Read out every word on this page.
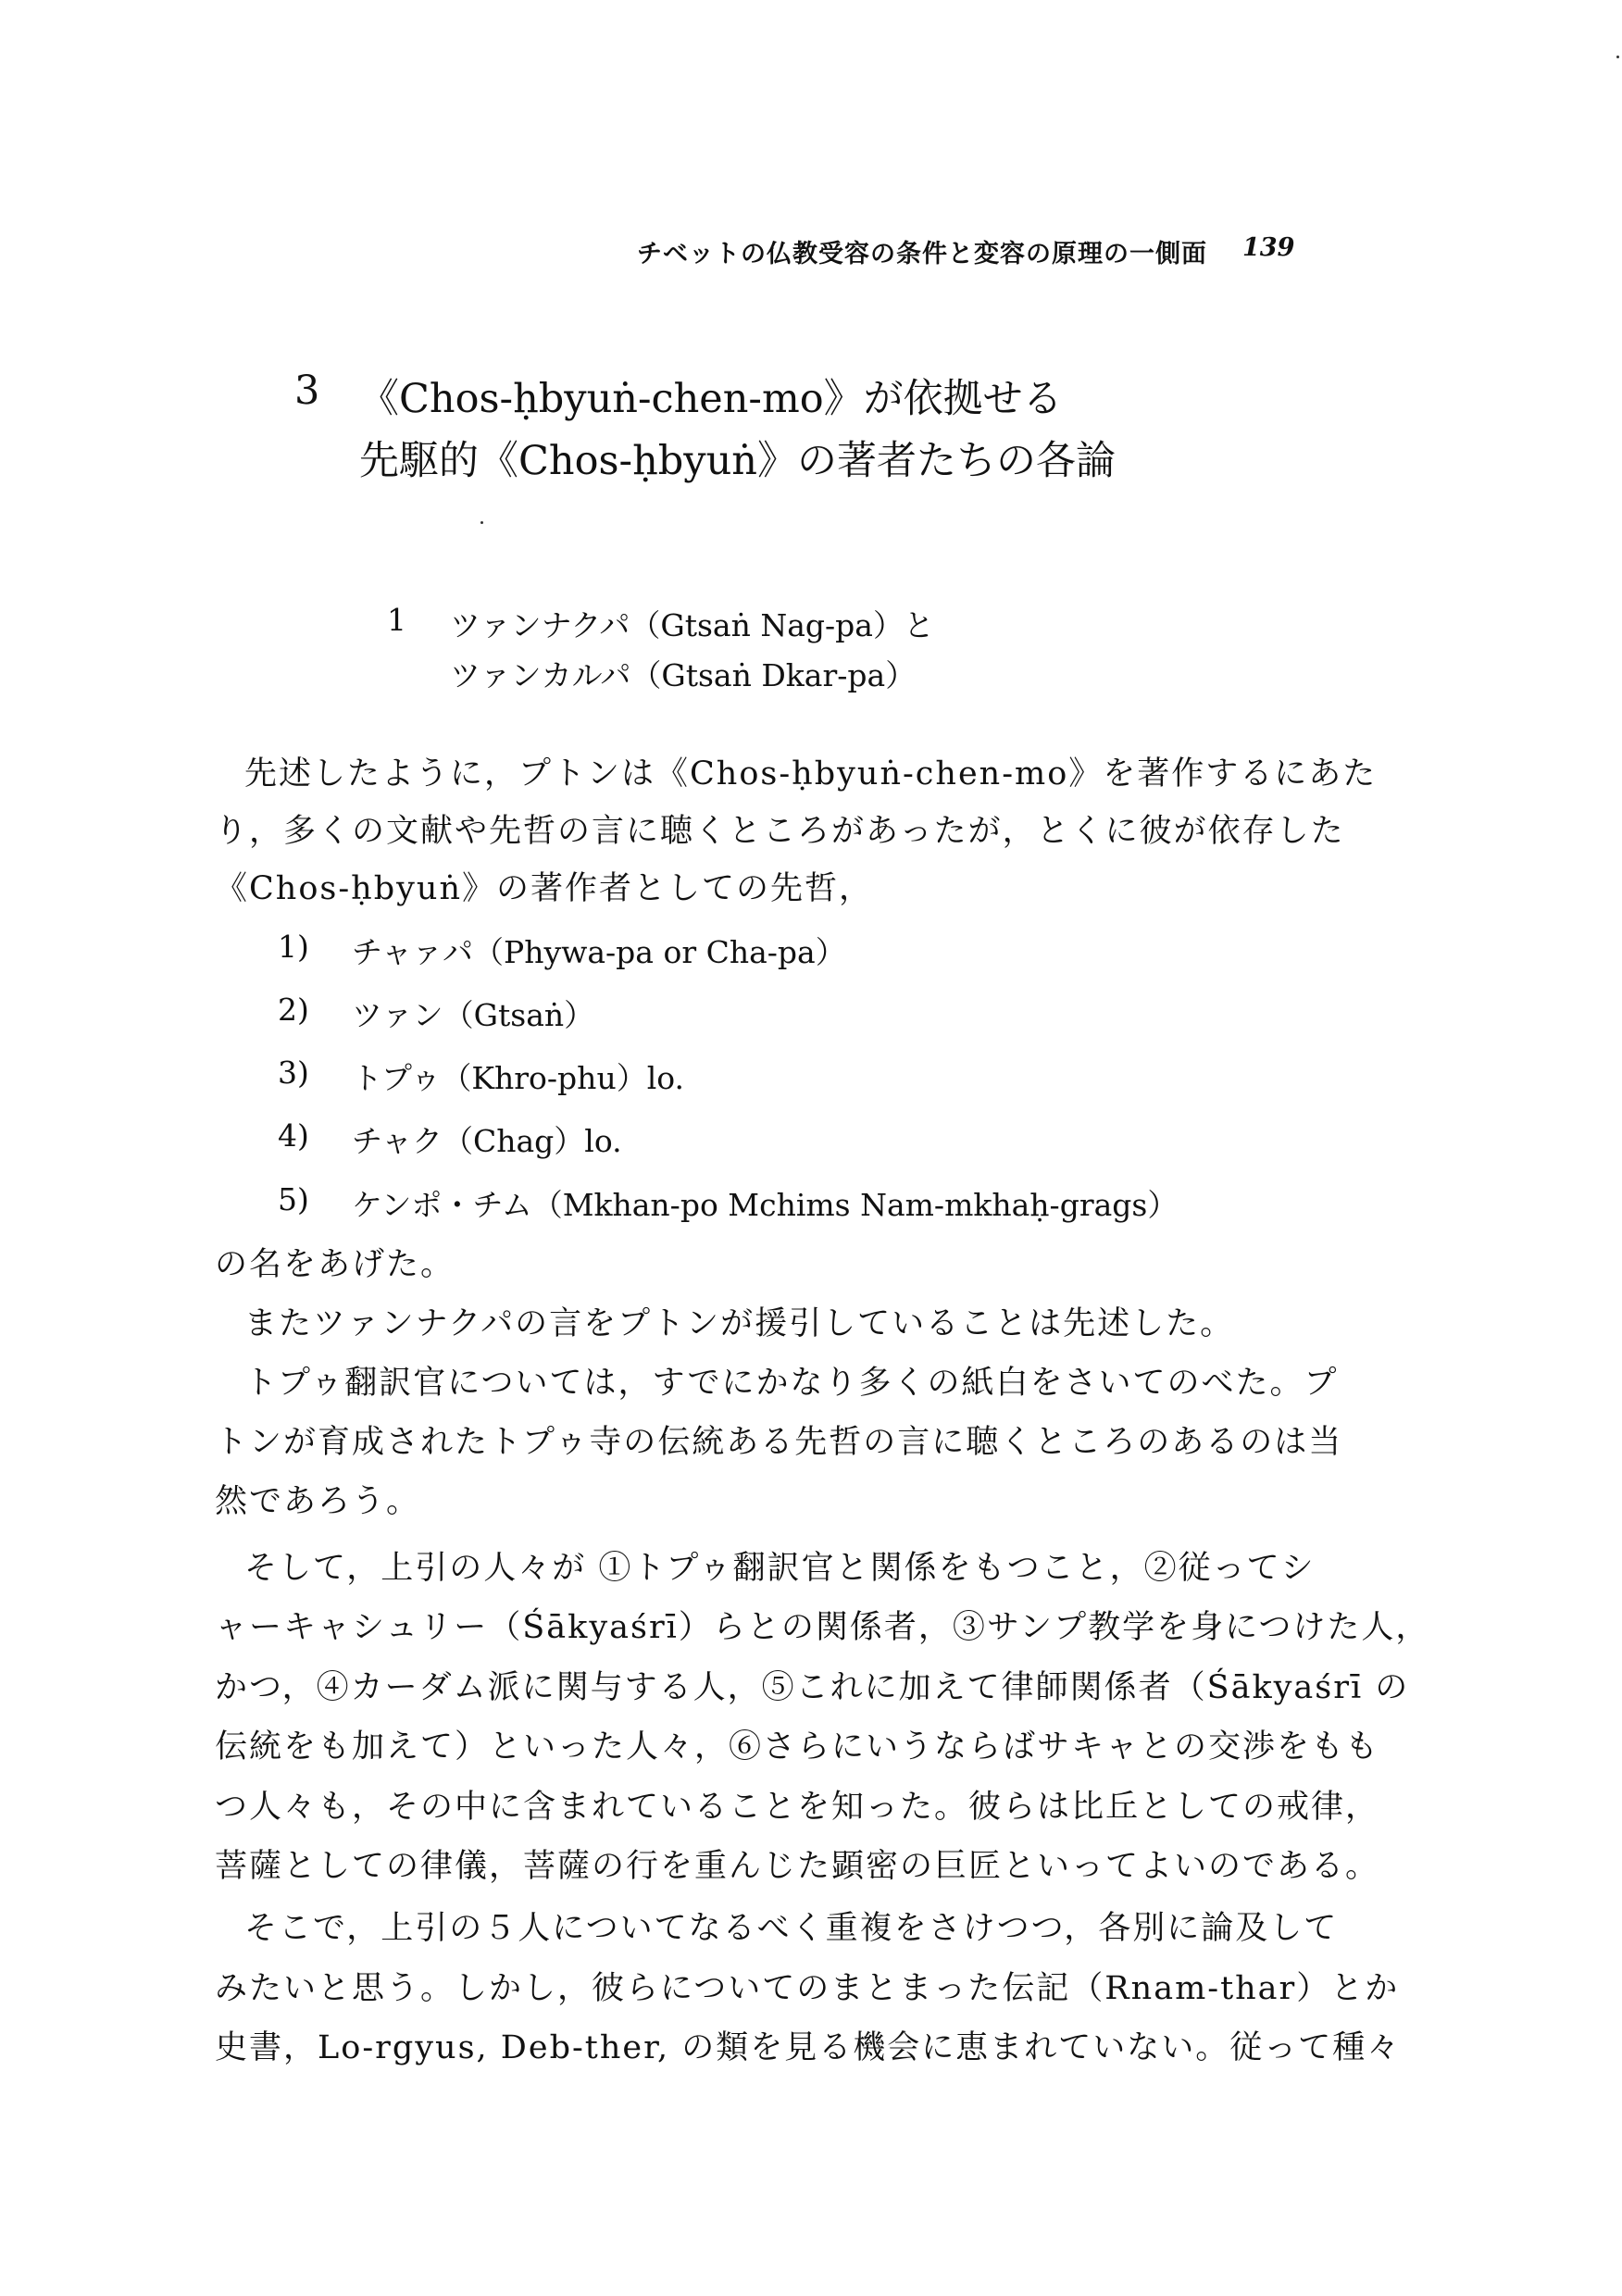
チベットの仏教受容の条件と変容の原理の一側面 139
3 《Chos-ḥbyuṅ-chen-mo》が依拠せる
先駆的《Chos-ḥbyuṅ》の著者たちの各論
1 ツァンナクパ（Gtsaṅ Nag-pa）と
ツァンカルパ（Gtsaṅ Dkar-pa）
先述したように，プトンは《Chos-ḥbyuṅ-chen-mo》を著作するにあた
り，多くの文献や先哲の言に聴くところがあったが，とくに彼が依存した
《Chos-ḥbyuṅ》の著作者としての先哲，
1) チャァパ（Phywa-pa or Cha-pa）
2) ツァン（Gtsaṅ）
3) トプゥ（Khro-phu）lo.
4) チャク（Chag）lo.
5) ケンポ・チム（Mkhan-po Mchims Nam-mkhaḥ-grags）
の名をあげた。
またツァンナクパの言をプトンが援引していることは先述した。
トプゥ翻訳官については，すでにかなり多くの紙白をさいてのべた。プ
トンが育成されたトプゥ寺の伝統ある先哲の言に聴くところのあるのは当
然であろう。
そして，上引の人々が ①トプゥ翻訳官と関係をもつこと，②従ってシ
ャーキャシュリー（Śākyaśrī）らとの関係者，③サンプ教学を身につけた人，
かつ，④カーダム派に関与する人，⑤これに加えて律師関係者（Śākyaśrī の
伝統をも加えて）といった人々，⑥さらにいうならばサキャとの交渉をもも
つ人々も，その中に含まれていることを知った。彼らは比丘としての戒律，
菩薩としての律儀，菩薩の行を重んじた顕密の巨匠といってよいのである。
そこで，上引の５人についてなるべく重複をさけつつ，各別に論及して
みたいと思う。しかし，彼らについてのまとまった伝記（Rnam-thar）とか
史書，Lo-rgyus, Deb-ther, の類を見る機会に恵まれていない。従って種々
